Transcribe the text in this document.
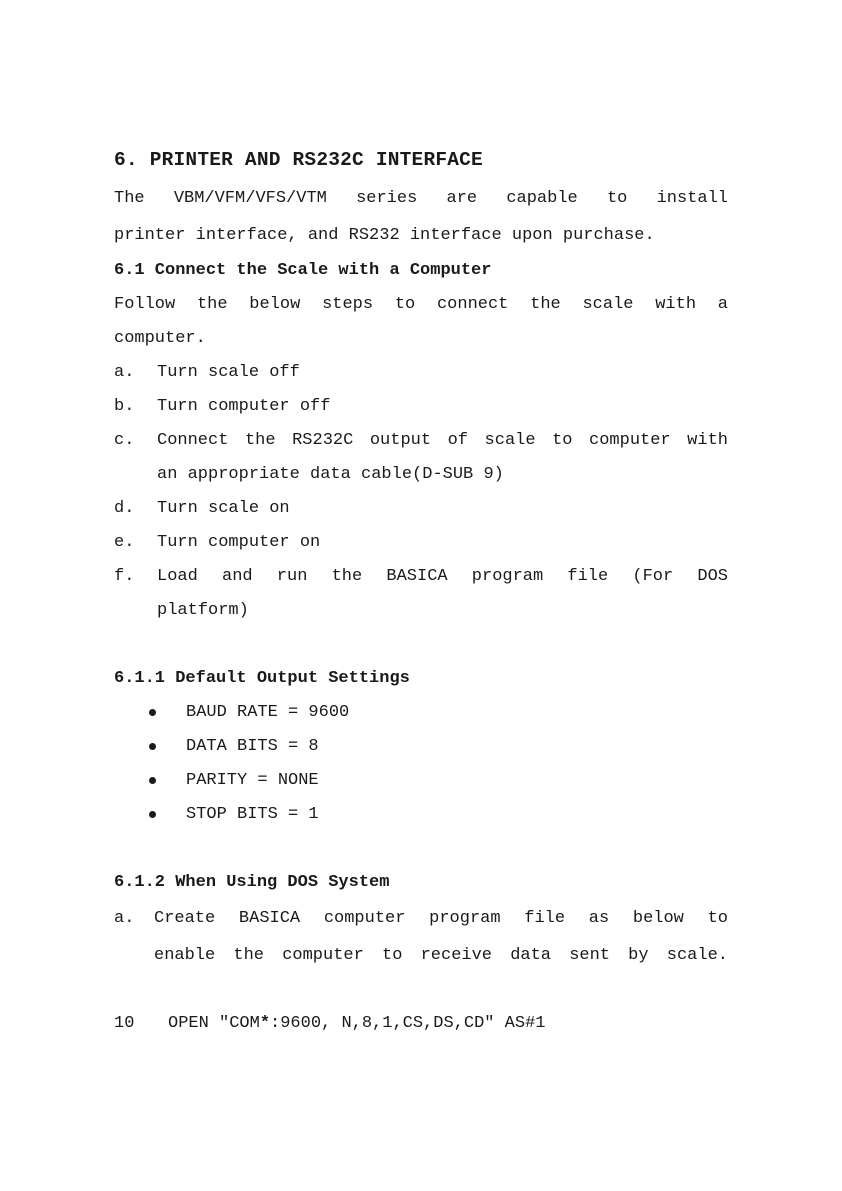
6. PRINTER AND RS232C INTERFACE

The VBM/VFM/VFS/VTM series are capable to install
printer interface, and RS232 interface upon purchase.

6.1 Connect the Scale with a Computer

Follow the below steps to connect the scale with a
computer.

a.	Turn scale off
b.	Turn computer off
c.	Connect the RS232C output of scale to computer with
an appropriate data cable(D-SUB 9)
d.	Turn scale on
e.	Turn computer on
f.	Load and run the BASICA program file (For DOS
platform)
6.1.1 Default Output Settings
BAUD RATE = 9600
DATA BITS = 8
PARITY = NONE
STOP BITS = 1
6.1.2 When Using DOS System
a.	Create BASICA computer program file as below to
enable the computer to receive data sent by scale.
10	OPEN "COM*:9600, N,8,1,CS,DS,CD" AS#1
